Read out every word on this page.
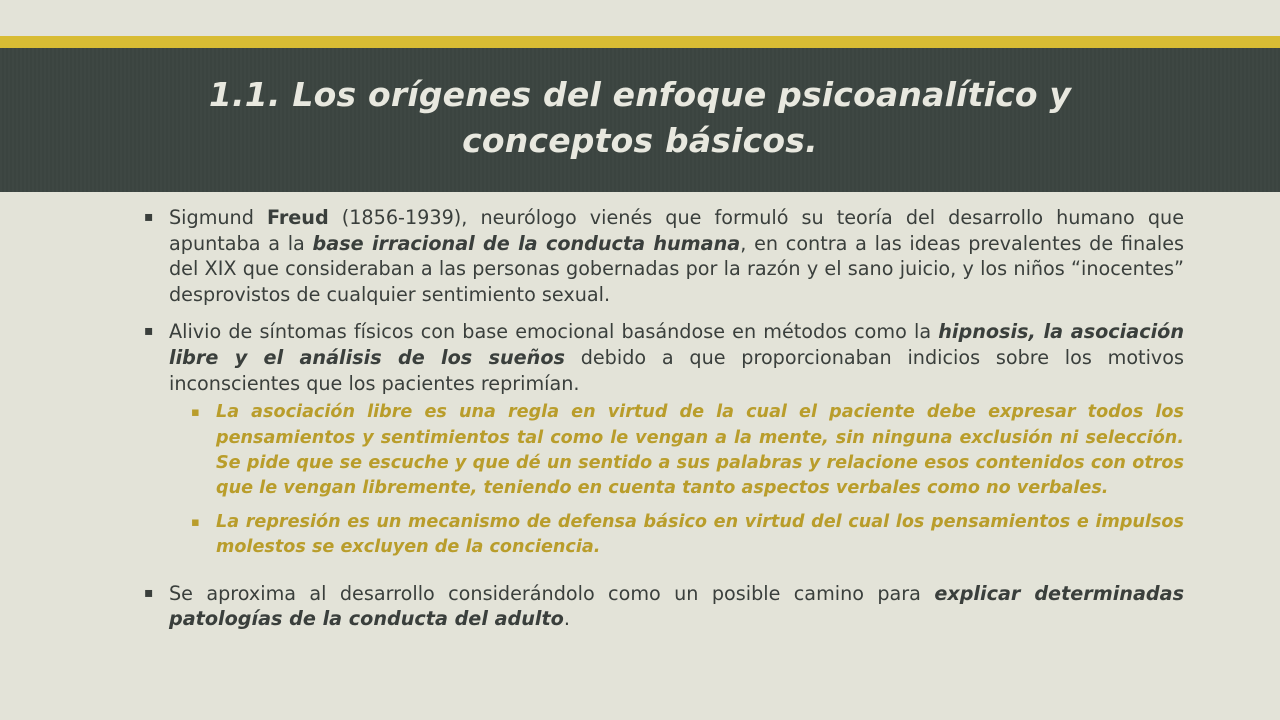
1.1. Los orígenes del enfoque psicoanalítico y conceptos básicos.

▪ Sigmund Freud (1856-1939), neurólogo vienés que formuló su teoría del desarrollo humano que apuntaba a la base irracional de la conducta humana, en contra a las ideas prevalentes de finales del XIX que consideraban a las personas gobernadas por la razón y el sano juicio, y los niños “inocentes” desprovistos de cualquier sentimiento sexual.

▪ Alivio de síntomas físicos con base emocional basándose en métodos como la hipnosis, la asociación libre y el análisis de los sueños debido a que proporcionaban indicios sobre los motivos inconscientes que los pacientes reprimían.

▪ La asociación libre es una regla en virtud de la cual el paciente debe expresar todos los pensamientos y sentimientos tal como le vengan a la mente, sin ninguna exclusión ni selección. Se pide que se escuche y que dé un sentido a sus palabras y relacione esos contenidos con otros que le vengan libremente, teniendo en cuenta tanto aspectos verbales como no verbales.

▪ La represión es un mecanismo de defensa básico en virtud del cual los pensamientos e impulsos molestos se excluyen de la conciencia.

▪ Se aproxima al desarrollo considerándolo como un posible camino para explicar determinadas patologías de la conducta del adulto.
